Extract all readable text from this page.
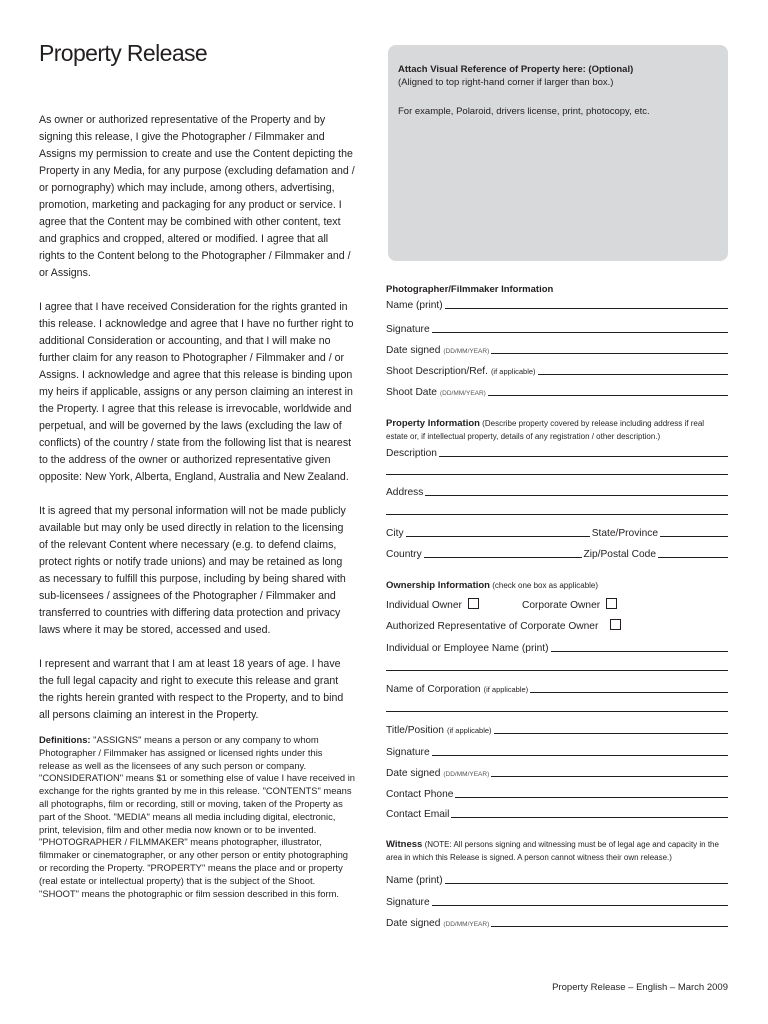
Property Release

As owner or authorized representative of the Property and by signing this release, I give the Photographer / Filmmaker and Assigns my permission to create and use the Content depicting the Property in any Media, for any purpose (excluding defamation and / or pornography) which may include, among others, advertising, promotion, marketing and packaging for any product or service. I agree that the Content may be combined with other content, text and graphics and cropped, altered or modified. I agree that all rights to the Content belong to the Photographer / Filmmaker and / or Assigns.

I agree that I have received Consideration for the rights granted in this release. I acknowledge and agree that I have no further right to additional Consideration or accounting, and that I will make no further claim for any reason to Photographer / Filmmaker and / or Assigns. I acknowledge and agree that this release is binding upon my heirs if applicable, assigns or any person claiming an interest in the Property. I agree that this release is irrevocable, worldwide and perpetual, and will be governed by the laws (excluding the law of conflicts) of the country / state from the following list that is nearest to the address of the owner or authorized representative given opposite: New York, Alberta, England, Australia and New Zealand.

It is agreed that my personal information will not be made publicly available but may only be used directly in relation to the licensing of the relevant Content where necessary (e.g. to defend claims, protect rights or notify trade unions) and may be retained as long as necessary to fulfill this purpose, including by being shared with sub-licensees / assignees of the Photographer / Filmmaker and transferred to countries with differing data protection and privacy laws where it may be stored, accessed and used.

I represent and warrant that I am at least 18 years of age. I have the full legal capacity and right to execute this release and grant the rights herein granted with respect to the Property, and to bind all persons claiming an interest in the Property.

Definitions: "ASSIGNS" means a person or any company to whom Photographer / Filmmaker has assigned or licensed rights under this release as well as the licensees of any such person or company. "CONSIDERATION" means $1 or something else of value I have received in exchange for the rights granted by me in this release. "CONTENTS" means all photographs, film or recording, still or moving, taken of the Property as part of the Shoot. "MEDIA" means all media including digital, electronic, print, television, film and other media now known or to be invented. "PHOTOGRAPHER / FILMMAKER" means photographer, illustrator, filmmaker or cinematographer, or any other person or entity photographing or recording the Property. "PROPERTY" means the place and or property (real estate or intellectual property) that is the subject of the Shoot. "SHOOT" means the photographic or film session described in this form.

Attach Visual Reference of Property here: (Optional)
(Aligned to top right-hand corner if larger than box.)
For example, Polaroid, drivers license, print, photocopy, etc.
Photographer/Filmmaker Information
Name (print)
Signature
Date signed (DD/MM/YEAR)
Shoot Description/Ref. (if applicable)
Shoot Date (DD/MM/YEAR)
Property Information (Describe property covered by release including address if real estate or, if intellectual property, details of any registration / other description.)
Description
Address
City	State/Province
Country	Zip/Postal Code
Ownership Information (check one box as applicable)
Individual Owner	Corporate Owner
Authorized Representative of Corporate Owner
Individual or Employee Name (print)
Name of Corporation (if applicable)
Title/Position (if applicable)
Signature
Date signed (DD/MM/YEAR)
Contact Phone
Contact Email
Witness (NOTE: All persons signing and witnessing must be of legal age and capacity in the area in which this Release is signed. A person cannot witness their own release.)
Name (print)
Signature
Date signed (DD/MM/YEAR)
Property Release – English – March 2009
